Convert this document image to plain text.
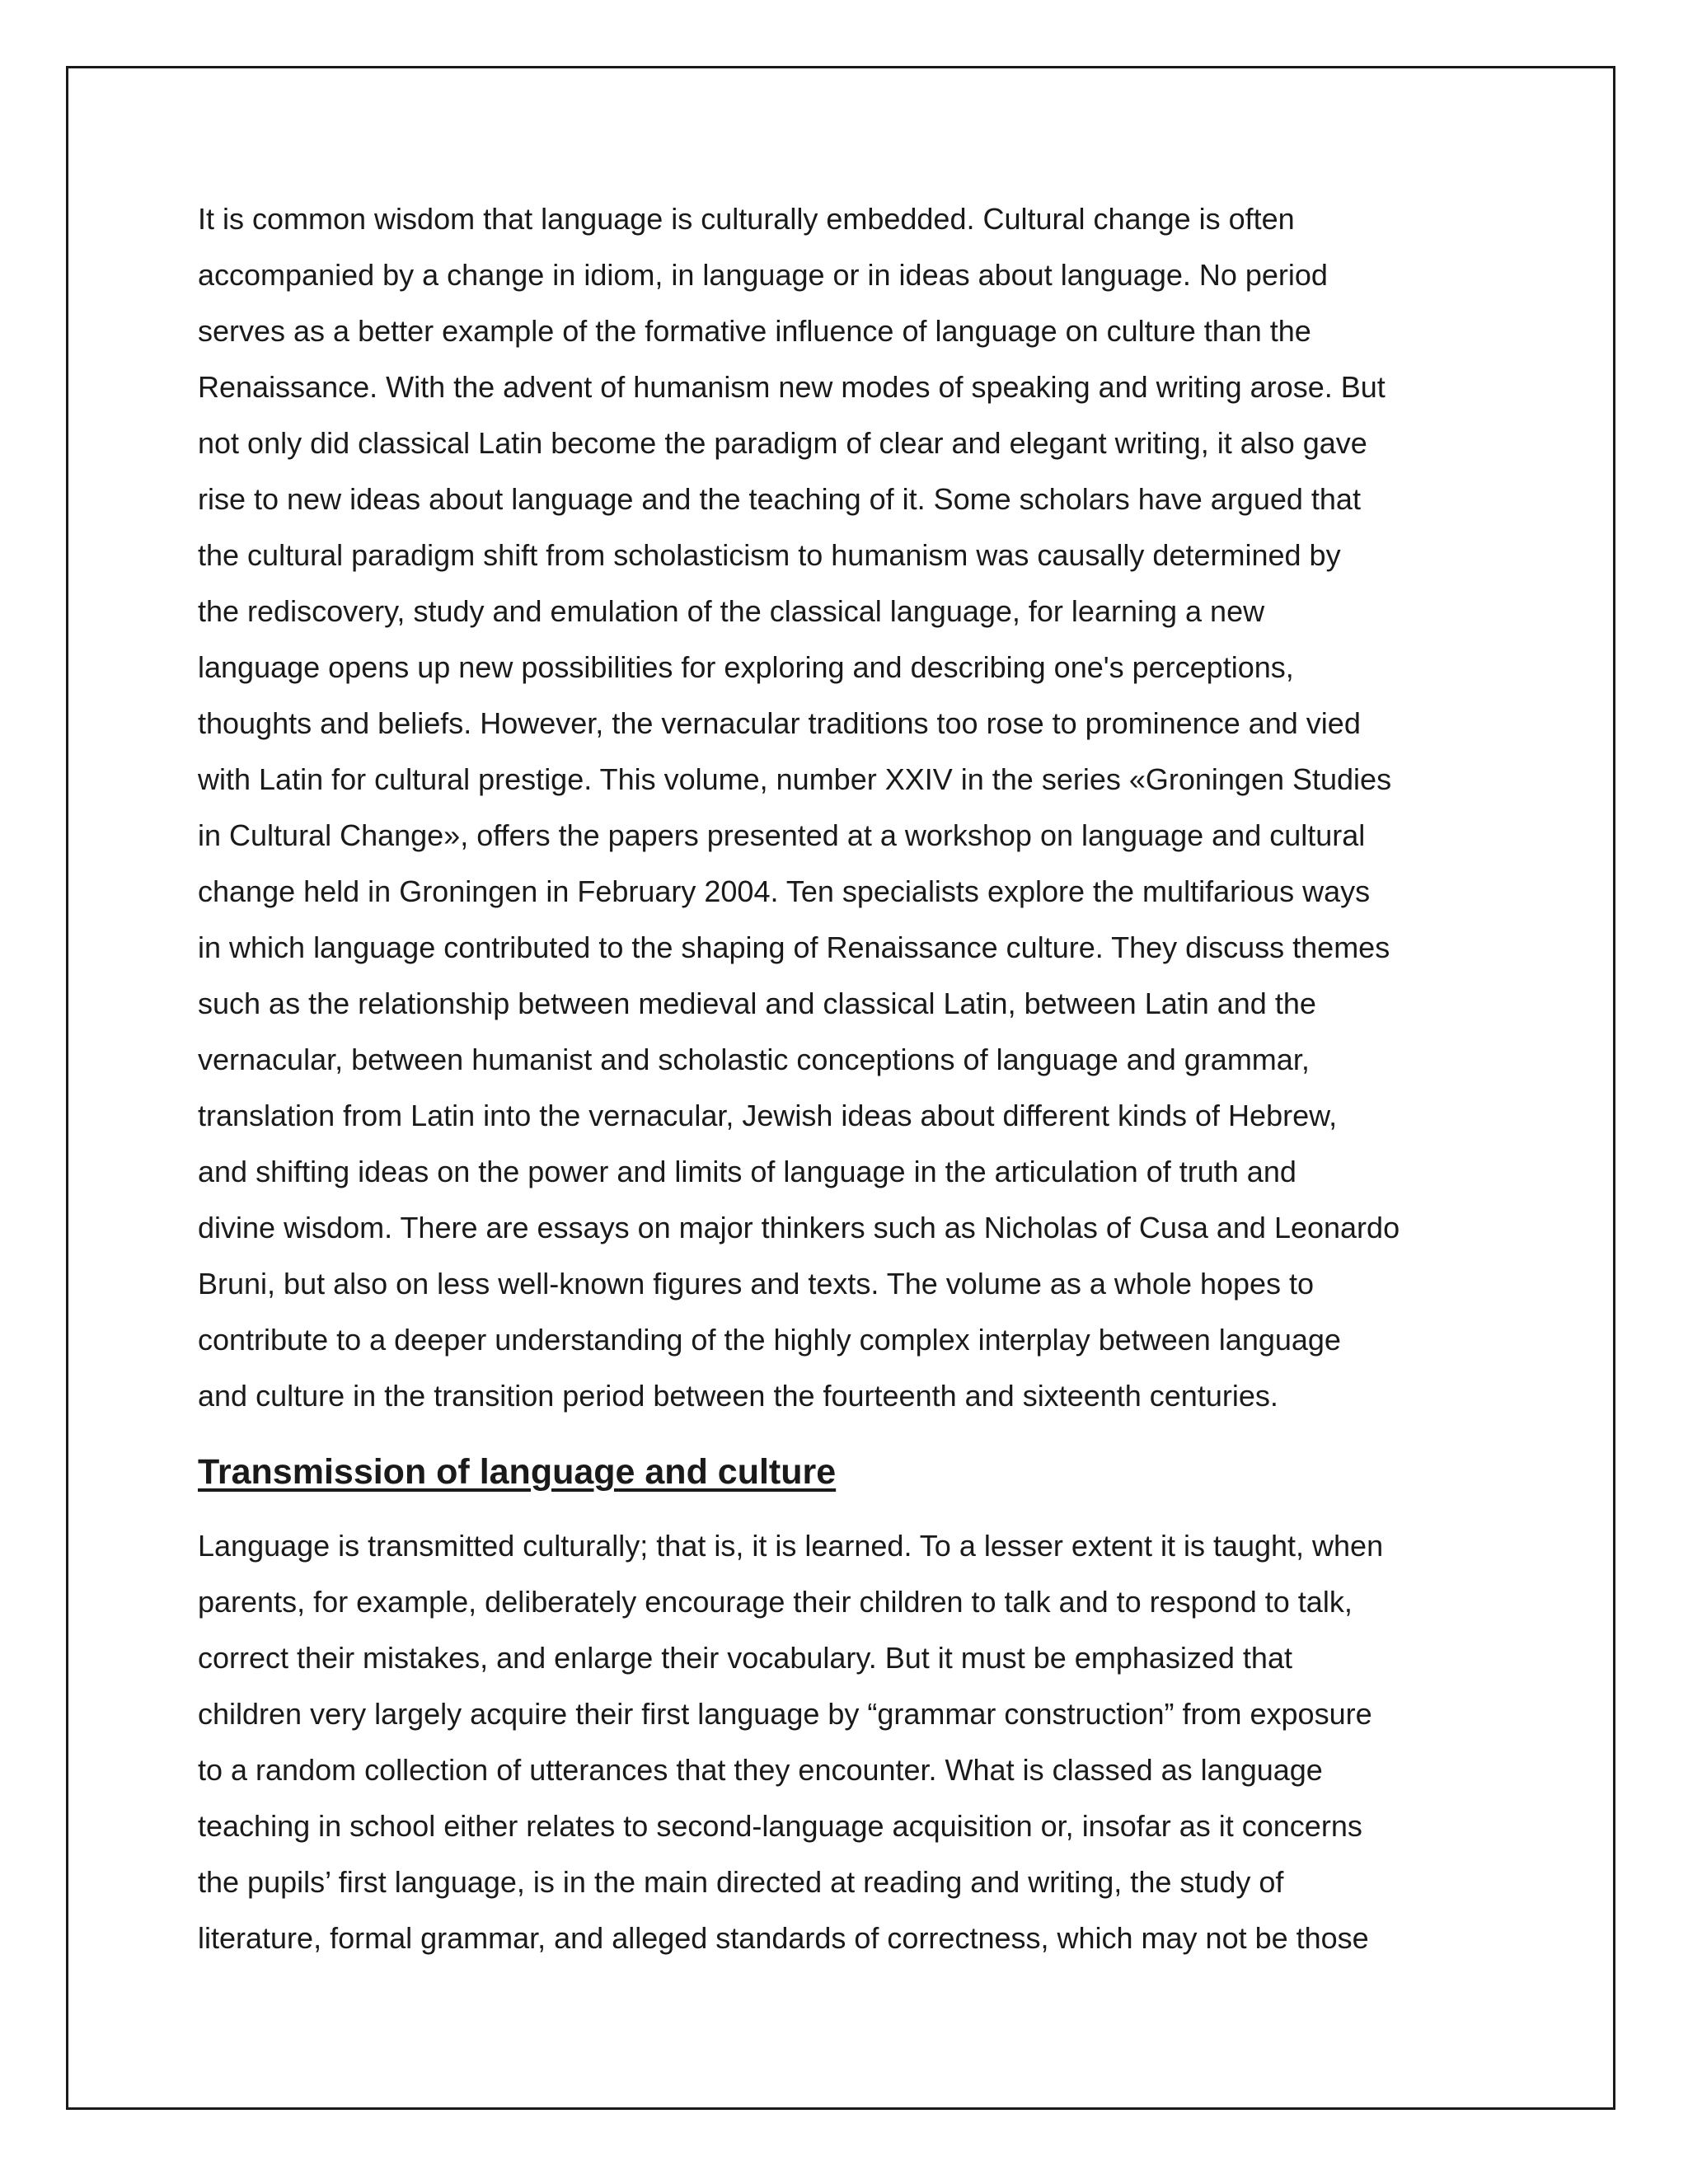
It is common wisdom that language is culturally embedded. Cultural change is often
accompanied by a change in idiom, in language or in ideas about language. No period
serves as a better example of the formative influence of language on culture than the
Renaissance. With the advent of humanism new modes of speaking and writing arose. But
not only did classical Latin become the paradigm of clear and elegant writing, it also gave
rise to new ideas about language and the teaching of it. Some scholars have argued that
the cultural paradigm shift from scholasticism to humanism was causally determined by
the rediscovery, study and emulation of the classical language, for learning a new
language opens up new possibilities for exploring and describing one's perceptions,
thoughts and beliefs. However, the vernacular traditions too rose to prominence and vied
with Latin for cultural prestige. This volume, number XXIV in the series «Groningen Studies
in Cultural Change», offers the papers presented at a workshop on language and cultural
change held in Groningen in February 2004. Ten specialists explore the multifarious ways
in which language contributed to the shaping of Renaissance culture. They discuss themes
such as the relationship between medieval and classical Latin, between Latin and the
vernacular, between humanist and scholastic conceptions of language and grammar,
translation from Latin into the vernacular, Jewish ideas about different kinds of Hebrew,
and shifting ideas on the power and limits of language in the articulation of truth and
divine wisdom. There are essays on major thinkers such as Nicholas of Cusa and Leonardo
Bruni, but also on less well-known figures and texts. The volume as a whole hopes to
contribute to a deeper understanding of the highly complex interplay between language
and culture in the transition period between the fourteenth and sixteenth centuries.

Transmission of language and culture

Language is transmitted culturally; that is, it is learned. To a lesser extent it is taught, when
parents, for example, deliberately encourage their children to talk and to respond to talk,
correct their mistakes, and enlarge their vocabulary. But it must be emphasized that
children very largely acquire their first language by “grammar construction” from exposure
to a random collection of utterances that they encounter. What is classed as language
teaching in school either relates to second-language acquisition or, insofar as it concerns
the pupils’ first language, is in the main directed at reading and writing, the study of
literature, formal grammar, and alleged standards of correctness, which may not be those
